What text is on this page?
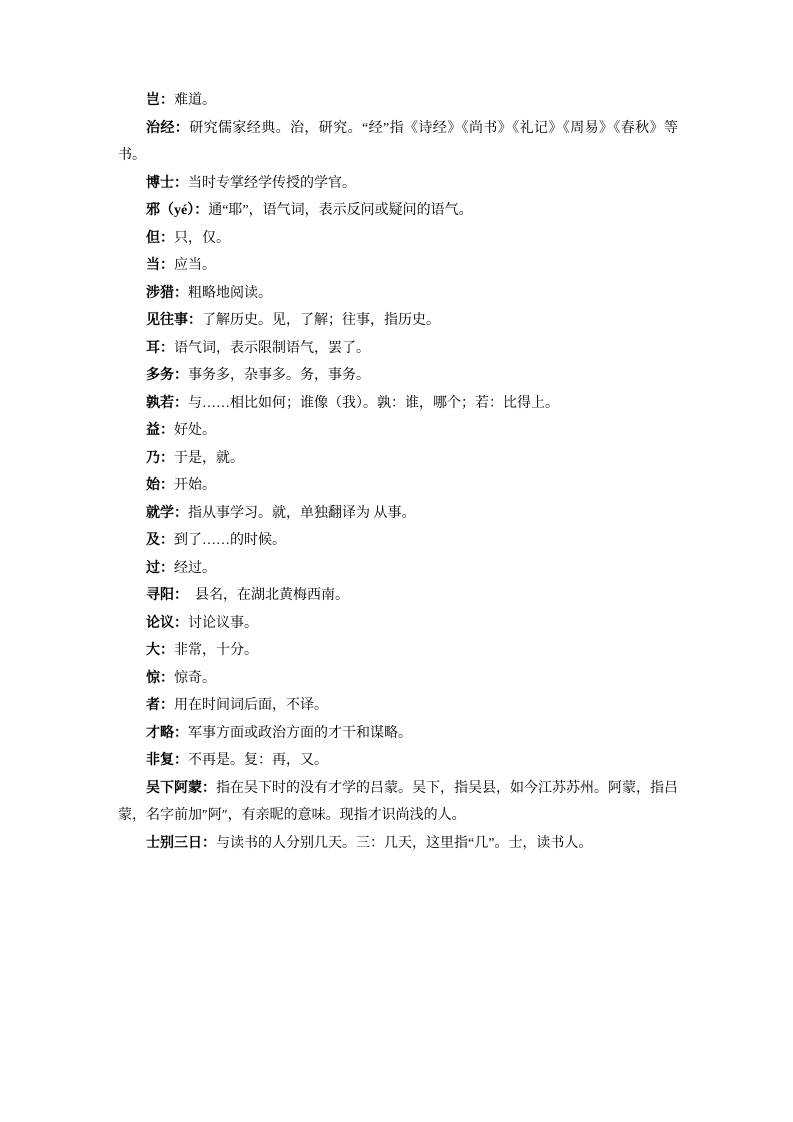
岂：难道。

治经：研究儒家经典。治，研究。“经”指《诗经》《尚书》《礼记》《周易》《春秋》等书。

博士：当时专掌经学传授的学官。

邪（yé）：通“耶”，语气词，表示反问或疑问的语气。

但：只，仅。

当：应当。

涉猎：粗略地阅读。

见往事：了解历史。见，了解；往事，指历史。

耳：语气词，表示限制语气，罢了。

多务：事务多，杂事多。务，事务。

孰若：与……相比如何；谁像（我）。孰：谁，哪个；若：比得上。

益：好处。

乃：于是，就。

始：开始。

就学：指从事学习。就，单独翻译为 从事。

及：到了……的时候。

过：经过。

寻阳：　县名，在湖北黄梅西南。

论议：讨论议事。

大：非常，十分。

惊：惊奇。

者：用在时间词后面，不译。

才略：军事方面或政治方面的才干和谋略。

非复：不再是。复：再，又。

吴下阿蒙：指在吴下时的没有才学的吕蒙。吴下，指吴县，如今江苏苏州。阿蒙，指吕蒙，名字前加″阿″，有亲昵的意味。现指才识尚浅的人。

士别三日：与读书的人分别几天。三：几天，这里指“几”。士，读书人。
